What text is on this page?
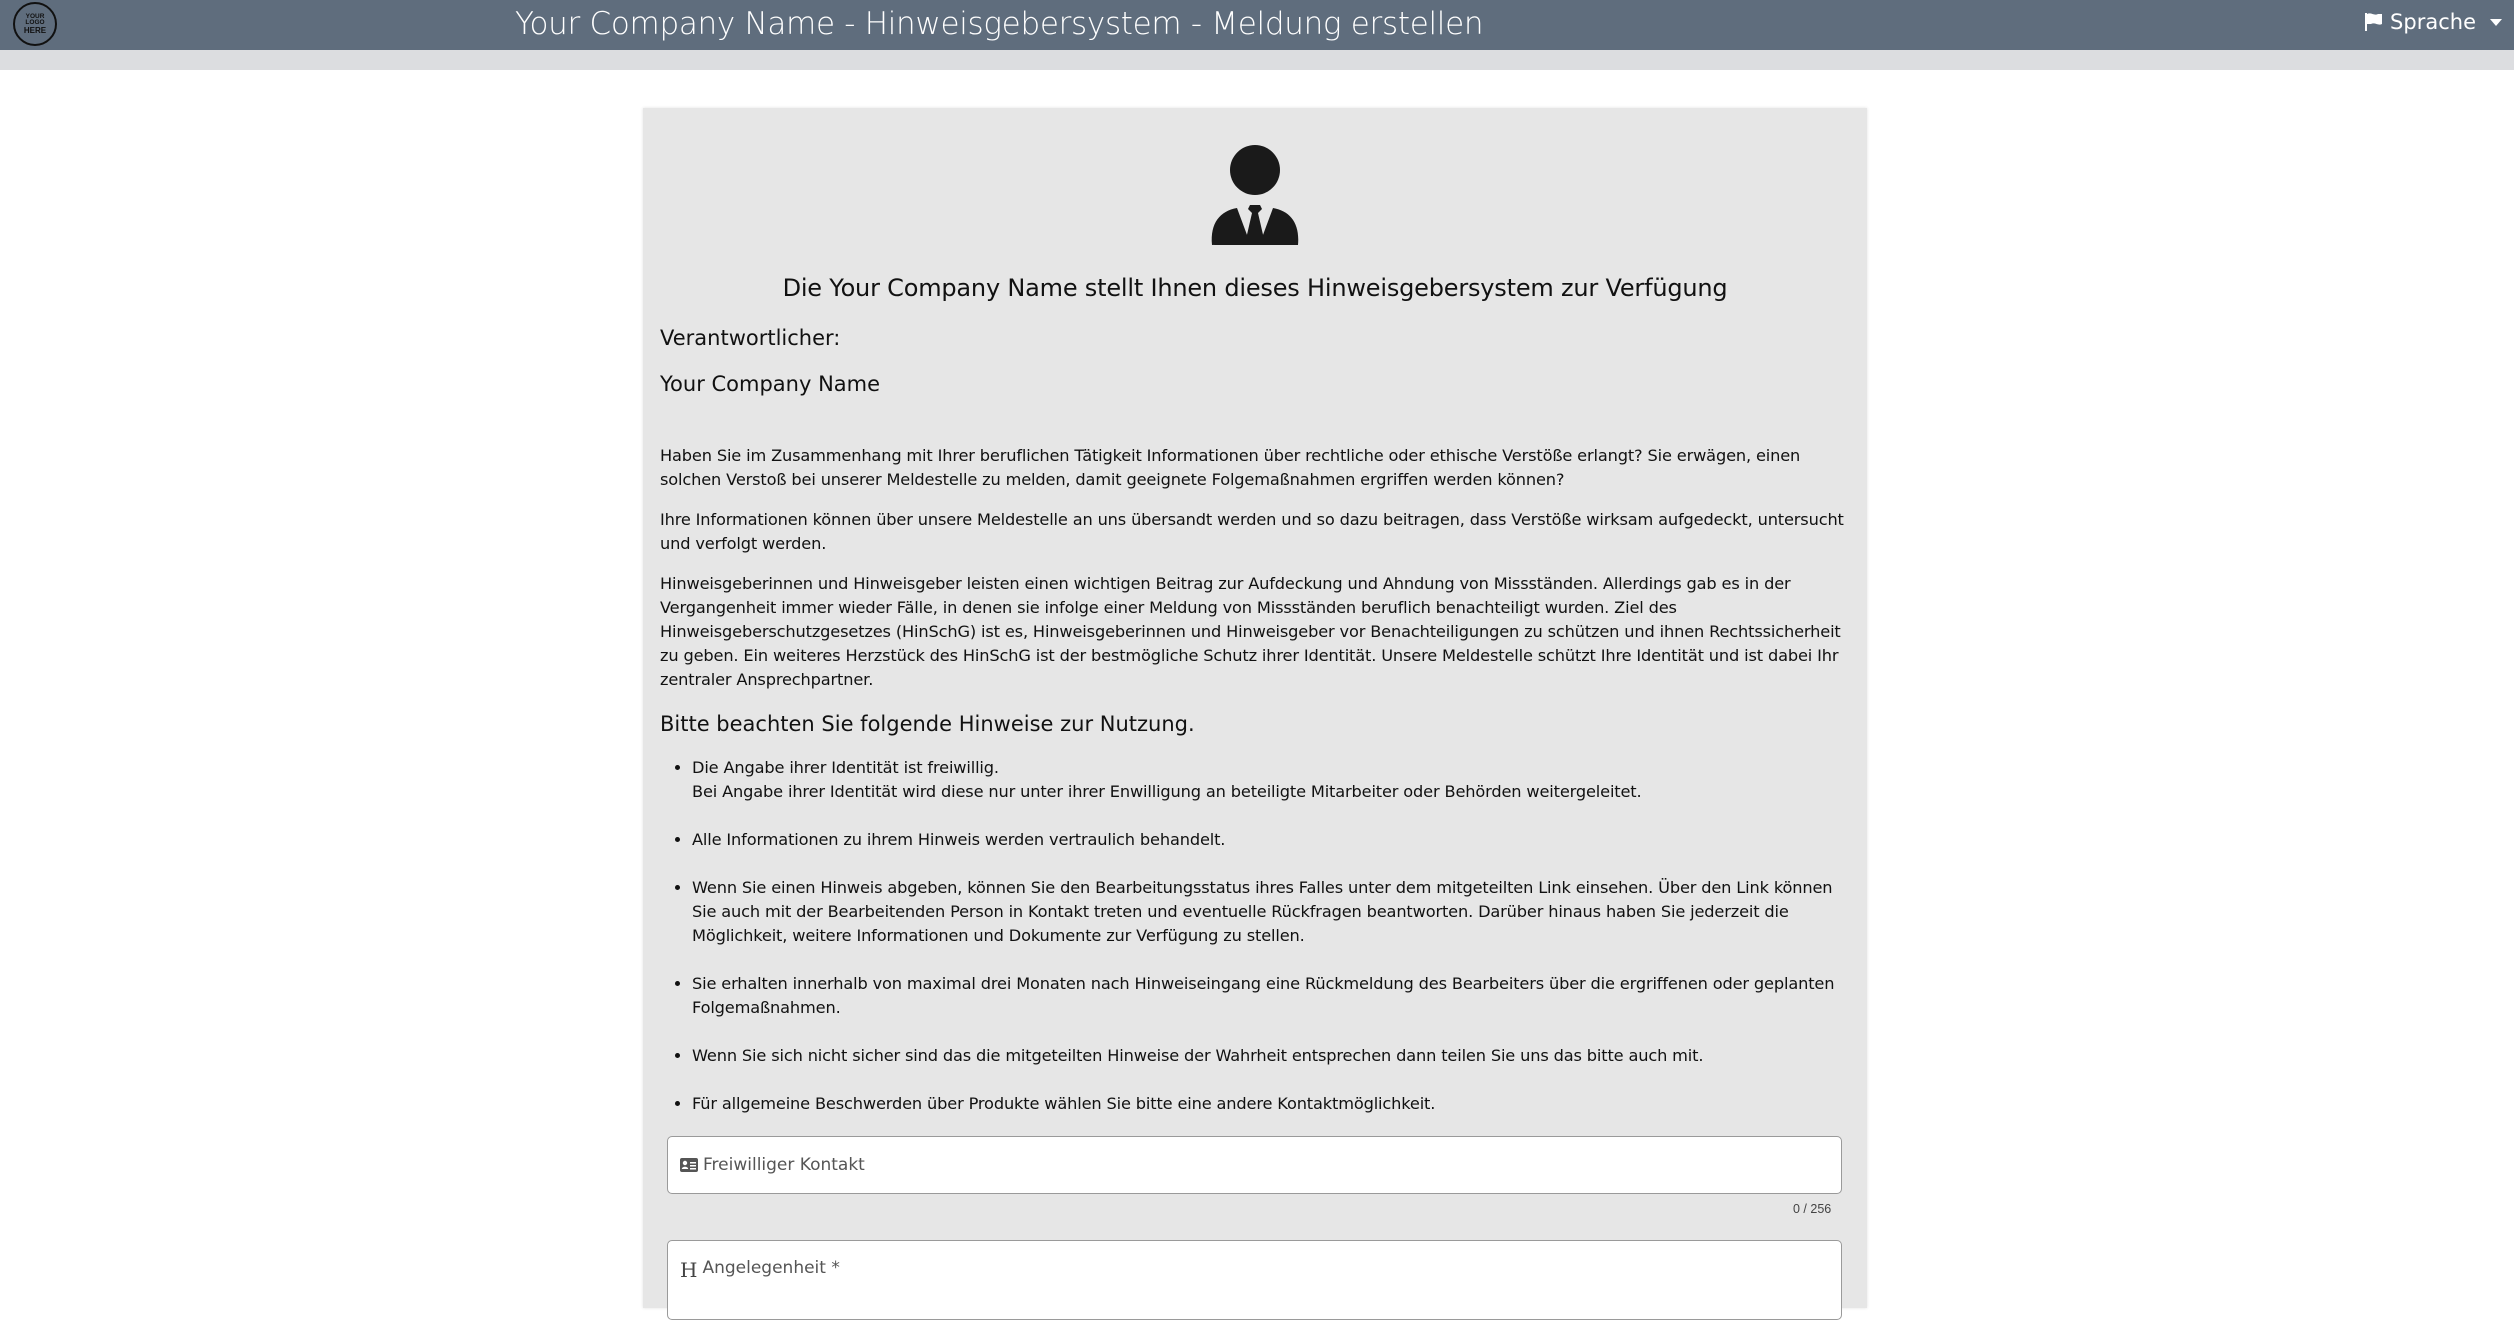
YOUR
LOGO
HERE	Your Company Name - Hinweisgebersystem - Meldung erstellen	Sprache
Die Your Company Name stellt Ihnen dieses Hinweisgebersystem zur Verfügung
Verantwortlicher:
Your Company Name

Haben Sie im Zusammenhang mit Ihrer beruflichen Tätigkeit Informationen über rechtliche oder ethische Verstöße erlangt? Sie erwägen, einen solchen Verstoß bei unserer Meldestelle zu melden, damit geeignete Folgemaßnahmen ergriffen werden können?

Ihre Informationen können über unsere Meldestelle an uns übersandt werden und so dazu beitragen, dass Verstöße wirksam aufgedeckt, untersucht und verfolgt werden.

Hinweisgeberinnen und Hinweisgeber leisten einen wichtigen Beitrag zur Aufdeckung und Ahndung von Missständen. Allerdings gab es in der Vergangenheit immer wieder Fälle, in denen sie infolge einer Meldung von Missständen beruflich benachteiligt wurden. Ziel des Hinweisgeberschutzgesetzes (HinSchG) ist es, Hinweisgeberinnen und Hinweisgeber vor Benachteiligungen zu schützen und ihnen Rechtssicherheit zu geben. Ein weiteres Herzstück des HinSchG ist der bestmögliche Schutz ihrer Identität. Unsere Meldestelle schützt Ihre Identität und ist dabei Ihr zentraler Ansprechpartner.

Bitte beachten Sie folgende Hinweise zur Nutzung.
• Die Angabe ihrer Identität ist freiwillig.
Bei Angabe ihrer Identität wird diese nur unter ihrer Enwilligung an beteiligte Mitarbeiter oder Behörden weitergeleitet.
• Alle Informationen zu ihrem Hinweis werden vertraulich behandelt.
• Wenn Sie einen Hinweis abgeben, können Sie den Bearbeitungsstatus ihres Falles unter dem mitgeteilten Link einsehen. Über den Link können Sie auch mit der Bearbeitenden Person in Kontakt treten und eventuelle Rückfragen beantworten. Darüber hinaus haben Sie jederzeit die Möglichkeit, weitere Informationen und Dokumente zur Verfügung zu stellen.
• Sie erhalten innerhalb von maximal drei Monaten nach Hinweiseingang eine Rückmeldung des Bearbeiters über die ergriffenen oder geplanten Folgemaßnahmen.
• Wenn Sie sich nicht sicher sind das die mitgeteilten Hinweise der Wahrheit entsprechen dann teilen Sie uns das bitte auch mit.
• Für allgemeine Beschwerden über Produkte wählen Sie bitte eine andere Kontaktmöglichkeit.
Freiwilliger Kontakt
0 / 256
H Angelegenheit *
